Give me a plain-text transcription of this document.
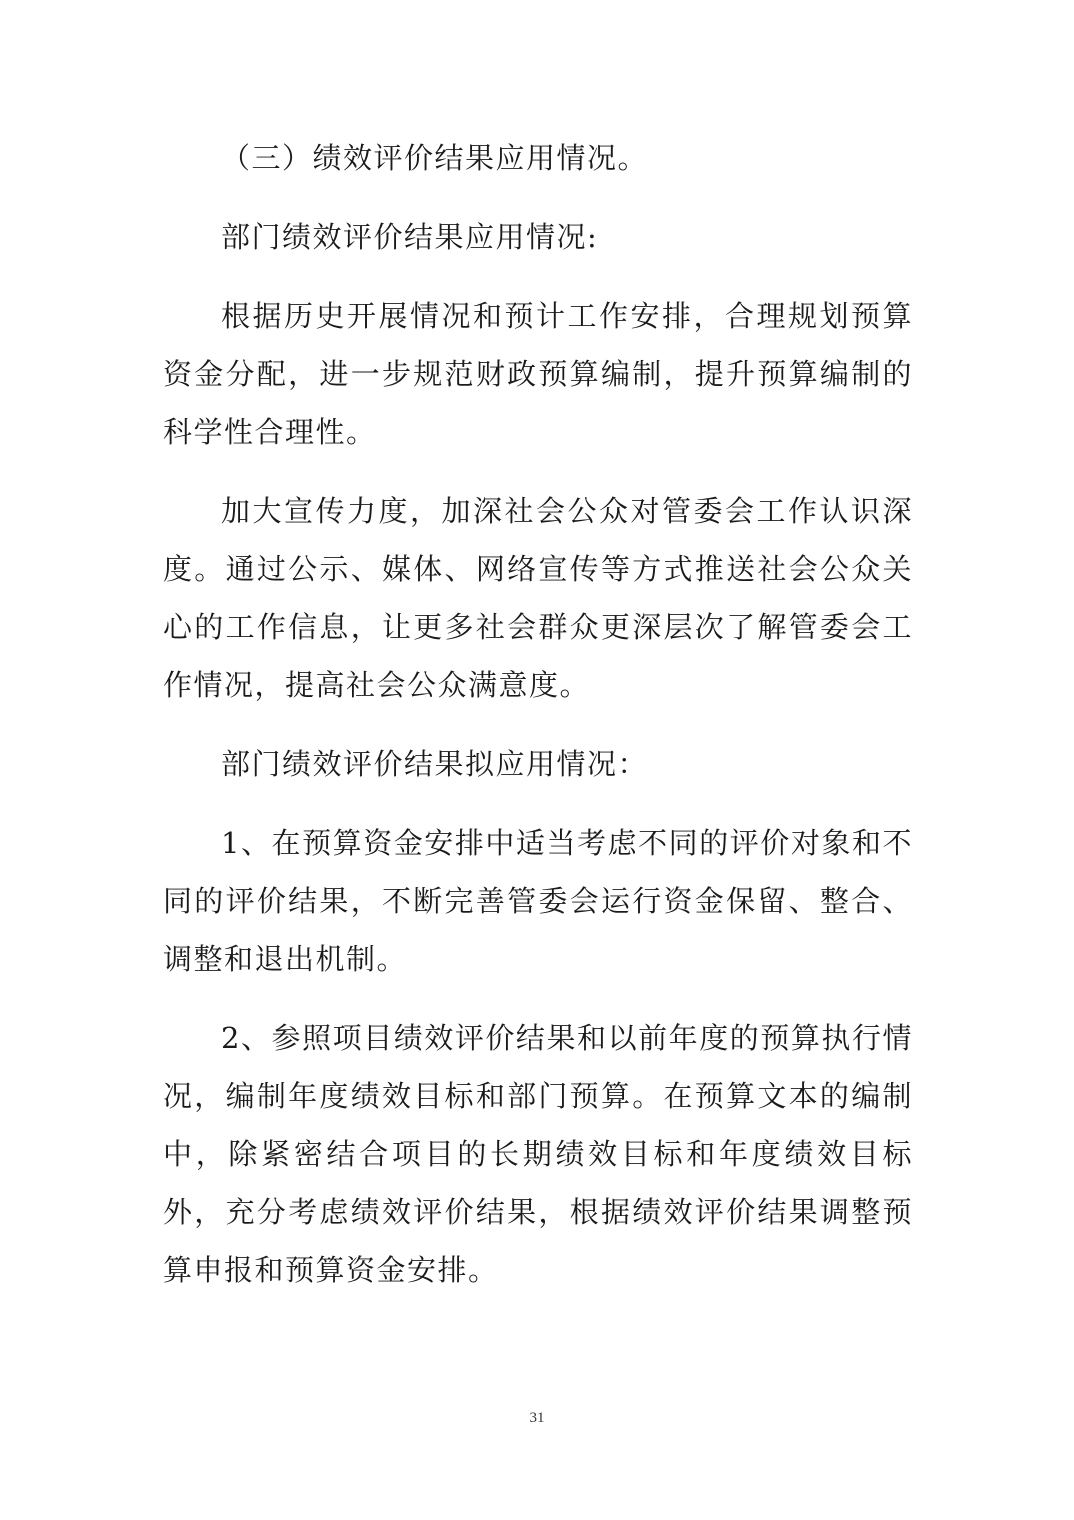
（三）绩效评价结果应用情况。

部门绩效评价结果应用情况:

根据历史开展情况和预计工作安排，合理规划预算资金分配，进一步规范财政预算编制，提升预算编制的科学性合理性。

加大宣传力度，加深社会公众对管委会工作认识深度。通过公示、媒体、网络宣传等方式推送社会公众关心的工作信息，让更多社会群众更深层次了解管委会工作情况，提高社会公众满意度。

部门绩效评价结果拟应用情况：

1、在预算资金安排中适当考虑不同的评价对象和不同的评价结果，不断完善管委会运行资金保留、整合、调整和退出机制。

2、参照项目绩效评价结果和以前年度的预算执行情况，编制年度绩效目标和部门预算。在预算文本的编制中，除紧密结合项目的长期绩效目标和年度绩效目标外，充分考虑绩效评价结果，根据绩效评价结果调整预算申报和预算资金安排。

31
